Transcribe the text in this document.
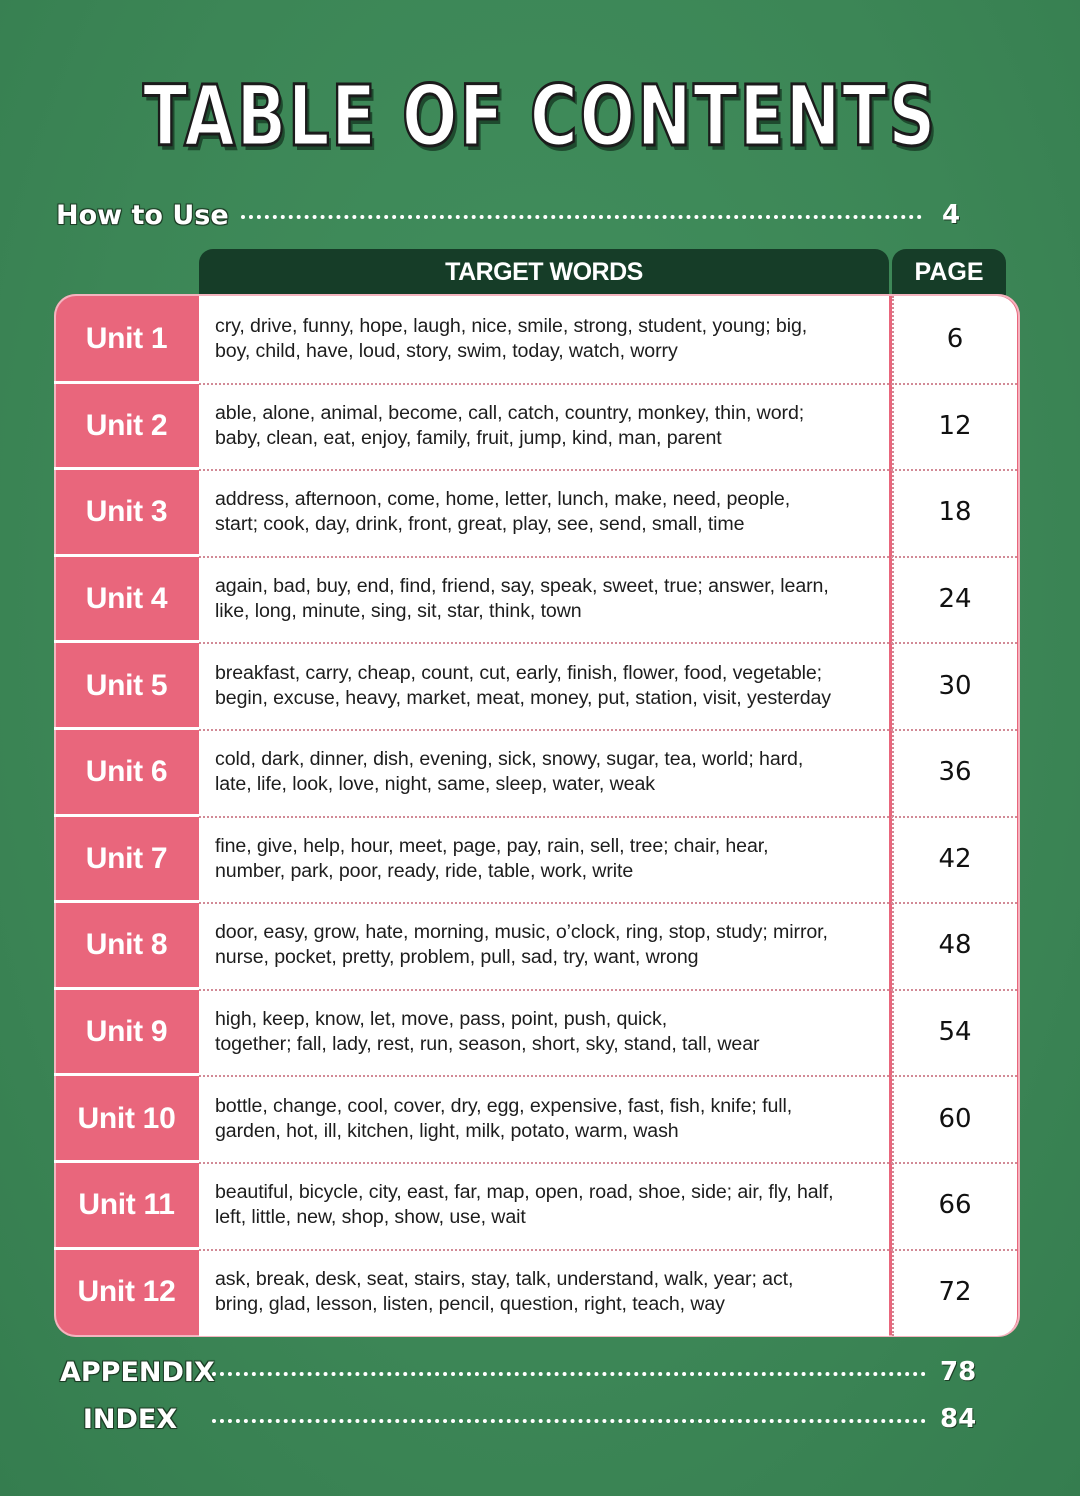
TABLE OF CONTENTS
How to Use	4
TARGET WORDS	PAGE
Unit 1	cry, drive, funny, hope, laugh, nice, smile, strong, student, young; big,
boy, child, have, loud, story, swim, today, watch, worry	6
Unit 2	able, alone, animal, become, call, catch, country, monkey, thin, word;
baby, clean, eat, enjoy, family, fruit, jump, kind, man, parent	12
Unit 3	address, afternoon, come, home, letter, lunch, make, need, people,
start; cook, day, drink, front, great, play, see, send, small, time	18
Unit 4	again, bad, buy, end, find, friend, say, speak, sweet, true; answer, learn,
like, long, minute, sing, sit, star, think, town	24
Unit 5	breakfast, carry, cheap, count, cut, early, finish, flower, food, vegetable;
begin, excuse, heavy, market, meat, money, put, station, visit, yesterday	30
Unit 6	cold, dark, dinner, dish, evening, sick, snowy, sugar, tea, world; hard,
late, life, look, love, night, same, sleep, water, weak	36
Unit 7	fine, give, help, hour, meet, page, pay, rain, sell, tree; chair, hear,
number, park, poor, ready, ride, table, work, write	42
Unit 8	door, easy, grow, hate, morning, music, o’clock, ring, stop, study; mirror,
nurse, pocket, pretty, problem, pull, sad, try, want, wrong	48
Unit 9	high, keep, know, let, move, pass, point, push, quick,
together; fall, lady, rest, run, season, short, sky, stand, tall, wear	54
Unit 10	bottle, change, cool, cover, dry, egg, expensive, fast, fish, knife; full,
garden, hot, ill, kitchen, light, milk, potato, warm, wash	60
Unit 11	beautiful, bicycle, city, east, far, map, open, road, shoe, side; air, fly, half,
left, little, new, shop, show, use, wait	66
Unit 12	ask, break, desk, seat, stairs, stay, talk, understand, walk, year; act,
bring, glad, lesson, listen, pencil, question, right, teach, way	72
APPENDIX	78
INDEX	84
